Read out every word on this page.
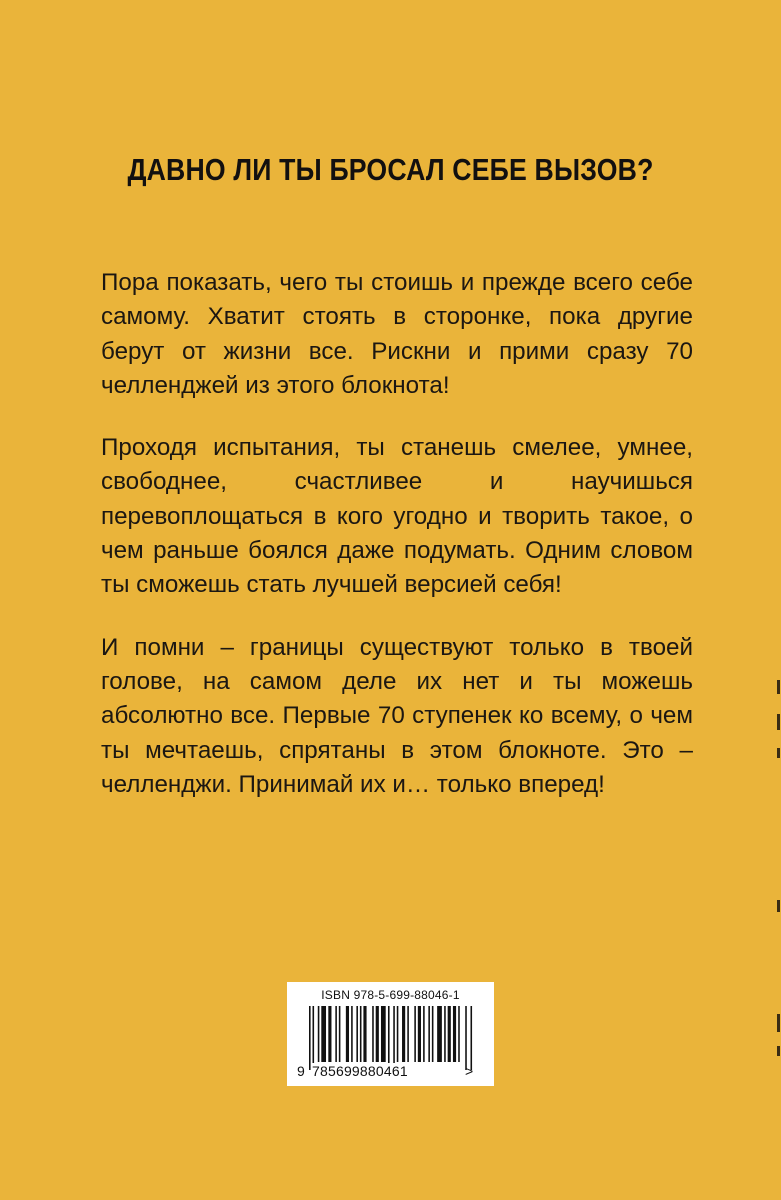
ДАВНО ЛИ ТЫ БРОСАЛ СЕБЕ ВЫЗОВ?

Пора показать, чего ты стоишь и прежде всего себе самому. Хватит стоять в сторонке, пока другие берут от жизни все. Рискни и прими сразу 70 челленджей из этого блокнота!

Проходя испытания, ты станешь смелее, умнее, свободнее, счастливее и научишься перевоплощаться в кого угодно и творить такое, о чем раньше боялся даже подумать. Одним словом ты сможешь стать лучшей версией себя!

И помни – границы существуют только в твоей голове, на самом деле их нет и ты можешь абсолютно все. Первые 70 ступенек ко всему, о чем ты мечтаешь, спрятаны в этом блокноте. Это – челленджи. Принимай их и… только вперед!

ISBN 978-5-699-88046-1
9 785699880461	>
